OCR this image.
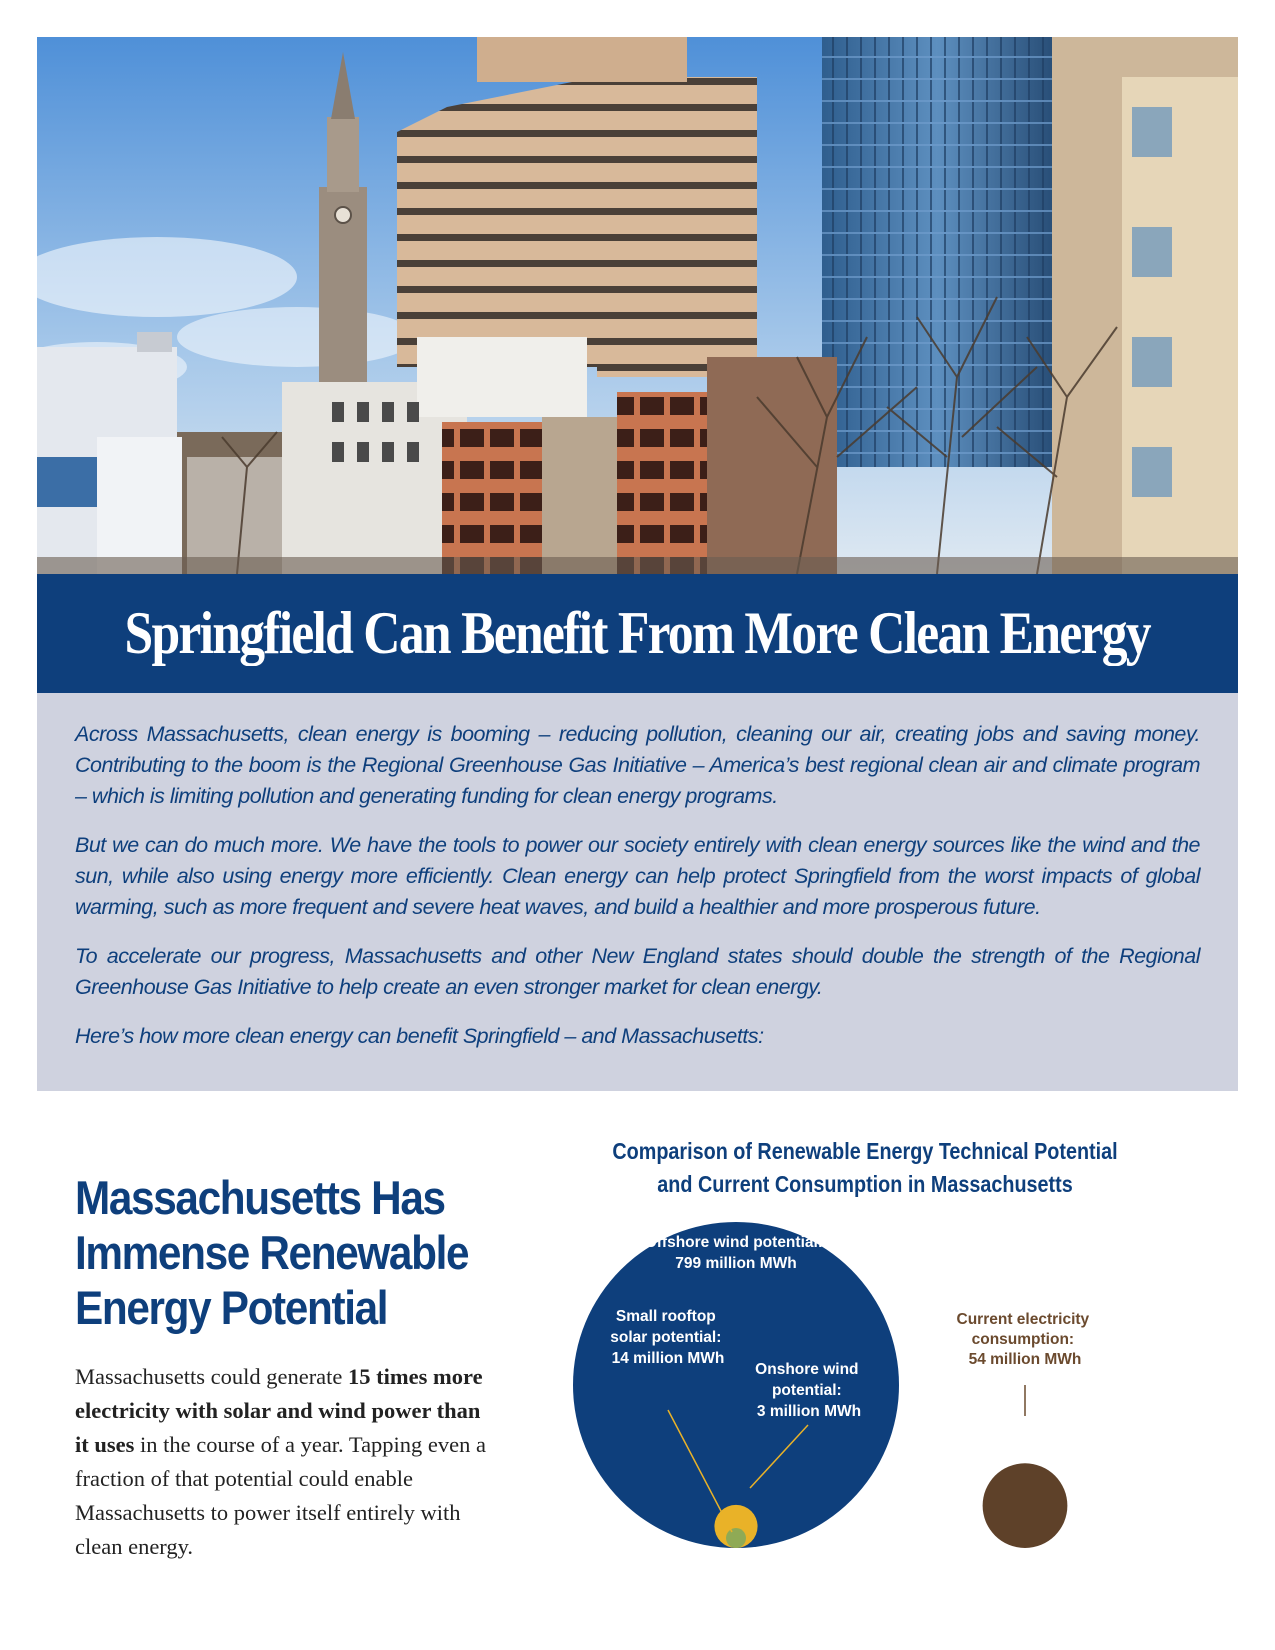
Springfield Can Benefit From More Clean Energy

Across Massachusetts, clean energy is booming – reducing pollution, cleaning our air, creating jobs and saving money. Contributing to the boom is the Regional Greenhouse Gas Initiative – America’s best regional clean air and climate program – which is limiting pollution and generating funding for clean energy programs.

But we can do much more. We have the tools to power our society entirely with clean energy sources like the wind and the sun, while also using energy more efficiently. Clean energy can help protect Springfield from the worst impacts of global warming, such as more frequent and severe heat waves, and build a healthier and more prosperous future.

To accelerate our progress, Massachusetts and other New England states should double the strength of the Regional Greenhouse Gas Initiative to help create an even stronger market for clean energy.

Here’s how more clean energy can benefit Springfield – and Massachusetts:

Massachusetts Has
Immense Renewable
Energy Potential

Massachusetts could generate 15 times more electricity with solar and wind power than it uses in the course of a year. Tapping even a fraction of that potential could enable Massachusetts to power itself entirely with clean energy.

Comparison of Renewable Energy Technical Potential
and Current Consumption in Massachusetts
Offshore wind potential: 799 million MWh
Small rooftop solar potential: 14 million MWh
Onshore wind potential: 3 million MWh
Current electricity consumption: 54 million MWh
